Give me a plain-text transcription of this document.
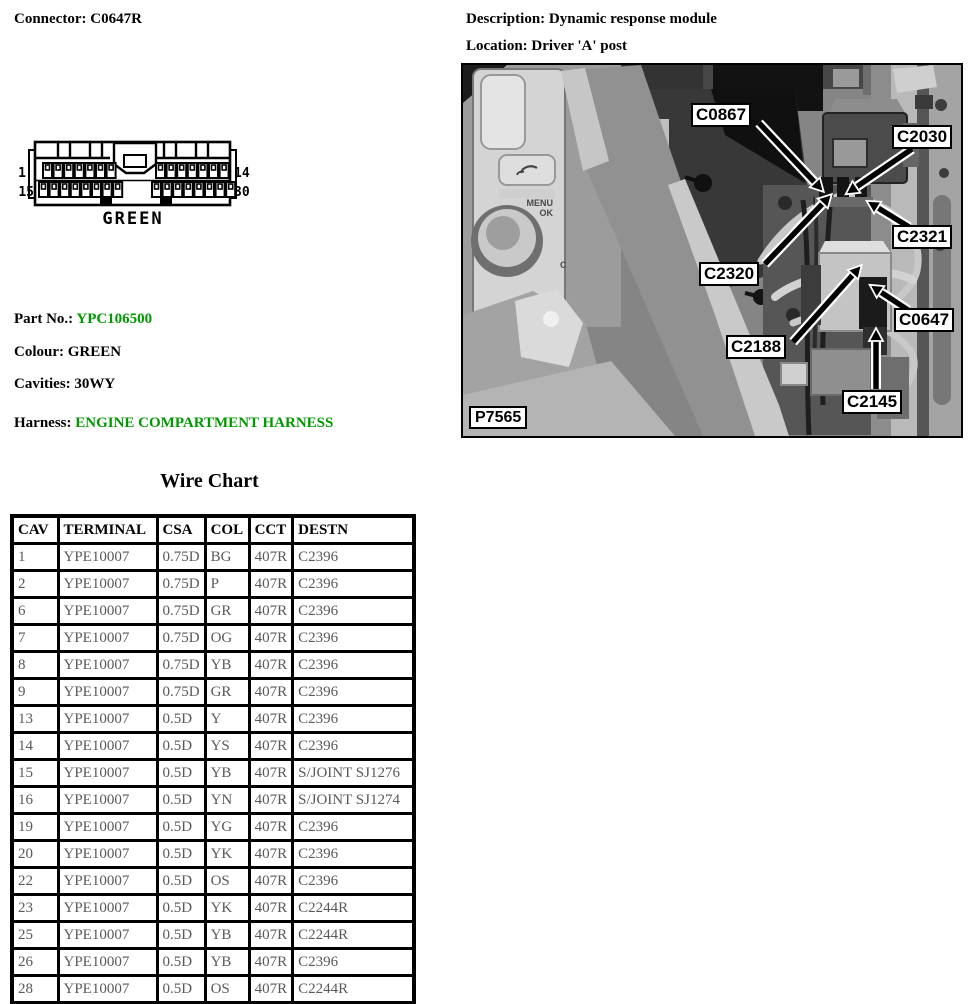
Connector: C0647R	Description: Dynamic response module
Location: Driver 'A' post
1	14
15	30
GREEN
Part No.: YPC106500
Colour: GREEN
Cavities: 30WY
Harness: ENGINE COMPARTMENT HARNESS
MENU
OK
C
P7565
C0867
C2030
C2321
C2320
C2188
C0647
C2145
Wire Chart
CAV	TERMINAL	CSA	COL	CCT	DESTN
1	YPE10007	0.75D	BG	407R	C2396
2	YPE10007	0.75D	P	407R	C2396
6	YPE10007	0.75D	GR	407R	C2396
7	YPE10007	0.75D	OG	407R	C2396
8	YPE10007	0.75D	YB	407R	C2396
9	YPE10007	0.75D	GR	407R	C2396
13	YPE10007	0.5D	Y	407R	C2396
14	YPE10007	0.5D	YS	407R	C2396
15	YPE10007	0.5D	YB	407R	S/JOINT SJ1276
16	YPE10007	0.5D	YN	407R	S/JOINT SJ1274
19	YPE10007	0.5D	YG	407R	C2396
20	YPE10007	0.5D	YK	407R	C2396
22	YPE10007	0.5D	OS	407R	C2396
23	YPE10007	0.5D	YK	407R	C2244R
25	YPE10007	0.5D	YB	407R	C2244R
26	YPE10007	0.5D	YB	407R	C2396
28	YPE10007	0.5D	OS	407R	C2244R
